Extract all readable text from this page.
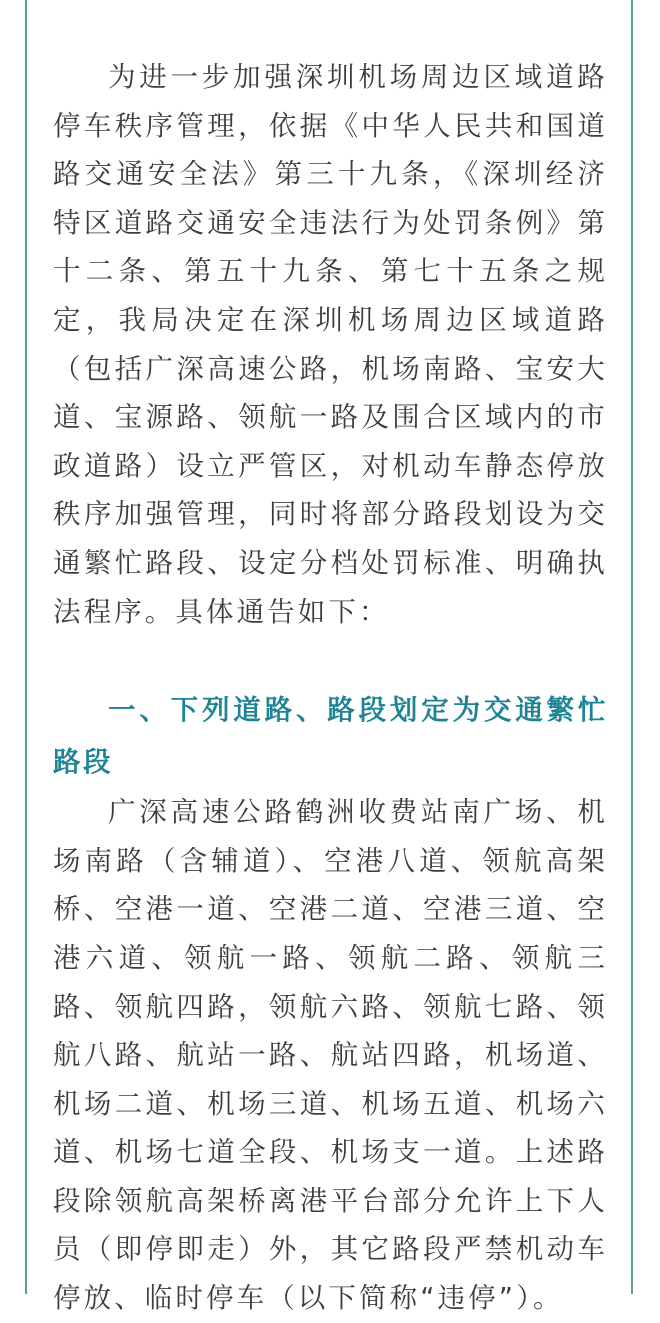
为进一步加强深圳机场周边区域道路停车秩序管理，依据《中华人民共和国道路交通安全法》第三十九条，《深圳经济特区道路交通安全违法行为处罚条例》第十二条、第五十九条、第七十五条之规定，我局决定在深圳机场周边区域道路（包括广深高速公路，机场南路、宝安大道、宝源路、领航一路及围合区域内的市政道路）设立严管区，对机动车静态停放秩序加强管理，同时将部分路段划设为交通繁忙路段、设定分档处罚标准、明确执法程序。具体通告如下：

一、下列道路、路段划定为交通繁忙路段

广深高速公路鹤洲收费站南广场、机场南路（含辅道）、空港八道、领航高架桥、空港一道、空港二道、空港三道、空港六道、领航一路、领航二路、领航三路、领航四路，领航六路、领航七路、领航八路、航站一路、航站四路，机场道、机场二道、机场三道、机场五道、机场六道、机场七道全段、机场支一道。上述路段除领航高架桥离港平台部分允许上下人员（即停即走）外，其它路段严禁机动车停放、临时停车（以下简称“违停”）。
